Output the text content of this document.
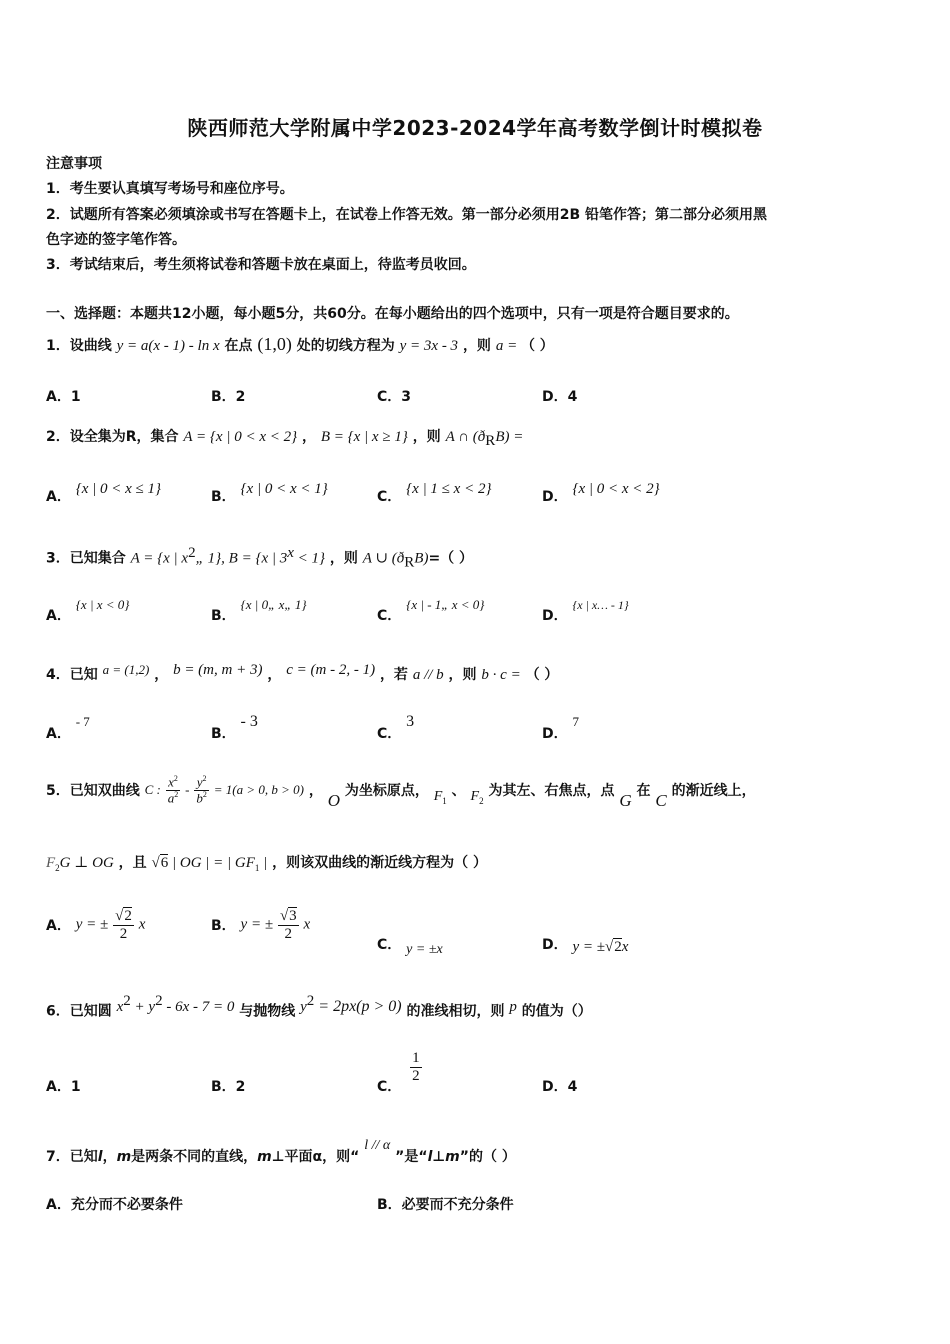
陕西师范大学附属中学2023-2024学年高考数学倒计时模拟卷
注意事项
1．考生要认真填写考场号和座位序号。
2．试题所有答案必须填涂或书写在答题卡上，在试卷上作答无效。第一部分必须用2B 铅笔作答；第二部分必须用黑
色字迹的签字笔作答。
3．考试结束后，考生须将试卷和答题卡放在桌面上，待监考员收回。
一、选择题：本题共12小题，每小题5分，共60分。在每小题给出的四个选项中，只有一项是符合题目要求的。
1．设曲线 y = a(x - 1) - ln x 在点 (1,0) 处的切线方程为 y = 3x - 3 ，则 a = （ ）
A．1	B．2	C．3	D．4
2．设全集为R，集合 A = {x | 0 < x < 2} ， B = {x | x ≥ 1} ，则 A ∩ $(ð_RB)$ =
A． {x | 0 < x ≤ 1}	B． {x | 0 < x < 1}	C． {x | 1 ≤ x < 2}	D． {x | 0 < x < 2}
3．已知集合 A = {x | $x^2„$ 1}, B = {x | $3^x < 1$} ，则 A ∪ $(ð_RB)=$（ ）
A． {x | x < 0}
B． {x | 0„ x„ 1}
C． {x | - 1„ x < 0}
D． {x | x… - 1}
4．已知 a = (1,2) ， b = (m, m + 3) ， c = (m - 2, - 1) ，若 a // b ，则 b · c = （ ）
A． - 7
B． - 3
C． 3
D． 7
5．已知双曲线 C : $\frac{x^2}{a^2} - \frac{y^2}{b^2} = 1(a > 0$, b > 0) ， O 为坐标原点， $F_1$ 、 $F_2$ 为其左、右焦点，点 G 在 C 的渐近线上，
$F_2G$ ⊥ OG ，且 √6 | OG | = | $GF_1$ | ，则该双曲线的渐近线方程为（ ）
A． y = ± $\frac{√2}{2}$ x	B． y = ± $\frac{√3}{2}$ x
C． y = ±x	D． y = ±√2x
6．已知圆 $x^2 + y^2 - 6x - 7 = 0$ 与抛物线 $y^2 = 2px(p > 0)$ 的准线相切，则 p 的值为（）
A．1	B．2	C．
$\frac{1}{2}$
D．4
7．已知l，m是两条不同的直线，m⊥平面α，则“ l // α ”是“l⊥m”的（ ）
A．充分而不必要条件	B．必要而不充分条件
